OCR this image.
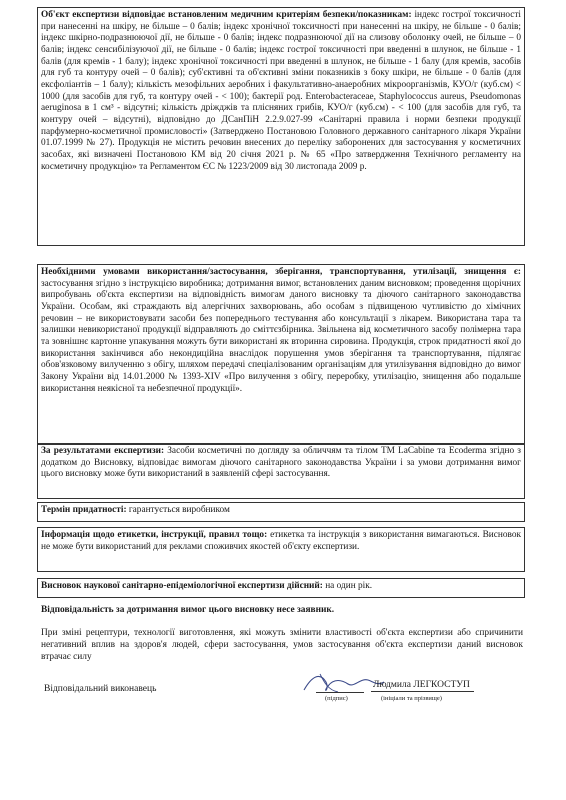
Об'єкт експертизи відповідає встановленим медичним критеріям безпеки/показникам: індекс гострої токсичності при нанесенні на шкіру, не більше – 0 балів; індекс хронічної токсичності при нанесенні на шкіру, не більше - 0 балів; індекс шкірно-подразнюючої дії, не більше - 0 балів; індекс подразнюючої дії на слизову оболонку очей, не більше – 0 балів; індекс сенсибілізуючої дії, не більше - 0 балів; індекс гострої токсичності при введенні в шлунок, не більше - 1 балів (для кремів - 1 балу); індекс хронічної токсичності при введенні в шлунок, не більше - 1 балу (для кремів, засобів для губ та контуру очей – 0 балів); суб'єктивні та об'єктивні зміни показників з боку шкіри, не більше - 0 балів (для ексфоліантів – 1 балу); кількість мезофільних аеробних і факультативно-анаеробних мікроорганізмів, КУО/г (куб.см) < 1000 (для засобів для губ, та контуру очей - < 100); бактерії род. Enterobacteraceae, Staphylococcus aureus, Pseudomonas aeruginosa в 1 см³ - відсутні; кількість дріжджів та плісняних грибів, КУО/г (куб.см) - < 100 (для засобів для губ, та контуру очей – відсутні), відповідно до ДСанПіН 2.2.9.027-99 «Санітарні правила і норми безпеки продукції парфумерно-косметичної промисловості» (Затверджено Постановою Головного державного санітарного лікаря України 01.07.1999 № 27). Продукція не містить речовин внесених до переліку заборонених для застосування у косметичних засобах, які визначені Постановою КМ від 20 січня 2021 р. № 65 «Про затвердження Технічного регламенту на косметичну продукцію» та Регламентом ЄС № 1223/2009 від 30 листопада 2009 р.

Необхідними умовами використання/застосування, зберігання, транспортування, утилізації, знищення є: застосування згідно з інструкцією виробника; дотримання вимог, встановлених даним висновком; проведення щорічних випробувань об'єкта експертизи на відповідність вимогам даного висновку та діючого санітарного законодавства України. Особам, які страждають від алергічних захворювань, або особам з підвищеною чутливістю до хімічних речовин – не використовувати засоби без попереднього тестування або консультації з лікарем. Використана тара та залишки невикористаної продукції відправляють до сміттєзбірника. Звільнена від косметичного засобу полімерна тара та зовнішнє картонне упакування можуть бути використані як вторинна сировина. Продукція, строк придатності якої до використання закінчився або некондиційна внаслідок порушення умов зберігання та транспортування, підлягає обов'язковому вилученню з обігу, шляхом передачі спеціалізованим організаціям для утилізування відповідно до вимог Закону України від 14.01.2000 № 1393-XIV «Про вилучення з обігу, переробку, утилізацію, знищення або подальше використання неякісної та небезпечної продукції».

За результатами експертизи: Засоби косметичні по догляду за обличчям та тілом ТМ LaCabine та Ecoderma згідно з додатком до Висновку, відповідає вимогам діючого санітарного законодавства України і за умови дотримання вимог цього висновку може бути використаний в заявленій сфері застосування.

Термін придатності: гарантується виробником

Інформація щодо етикетки, інструкції, правил тощо: етикетка та інструкція з використання вимагаються. Висновок не може бути використаний для реклами споживчих якостей об'єкту експертизи.

Висновок наукової санітарно-епідеміологічної експертизи дійсний: на один рік.

Відповідальність за дотримання вимог цього висновку несе заявник.

При зміні рецептури, технології виготовлення, які можуть змінити властивості об'єкта експертизи або спричинити негативний вплив на здоров'я людей, сфери застосування, умов застосування об'єкта експертизи даний висновок втрачає силу

Відповідальний виконавець	Людмила ЛЕГКОСТУП
(підпис)	(ініціали та прізвище)
